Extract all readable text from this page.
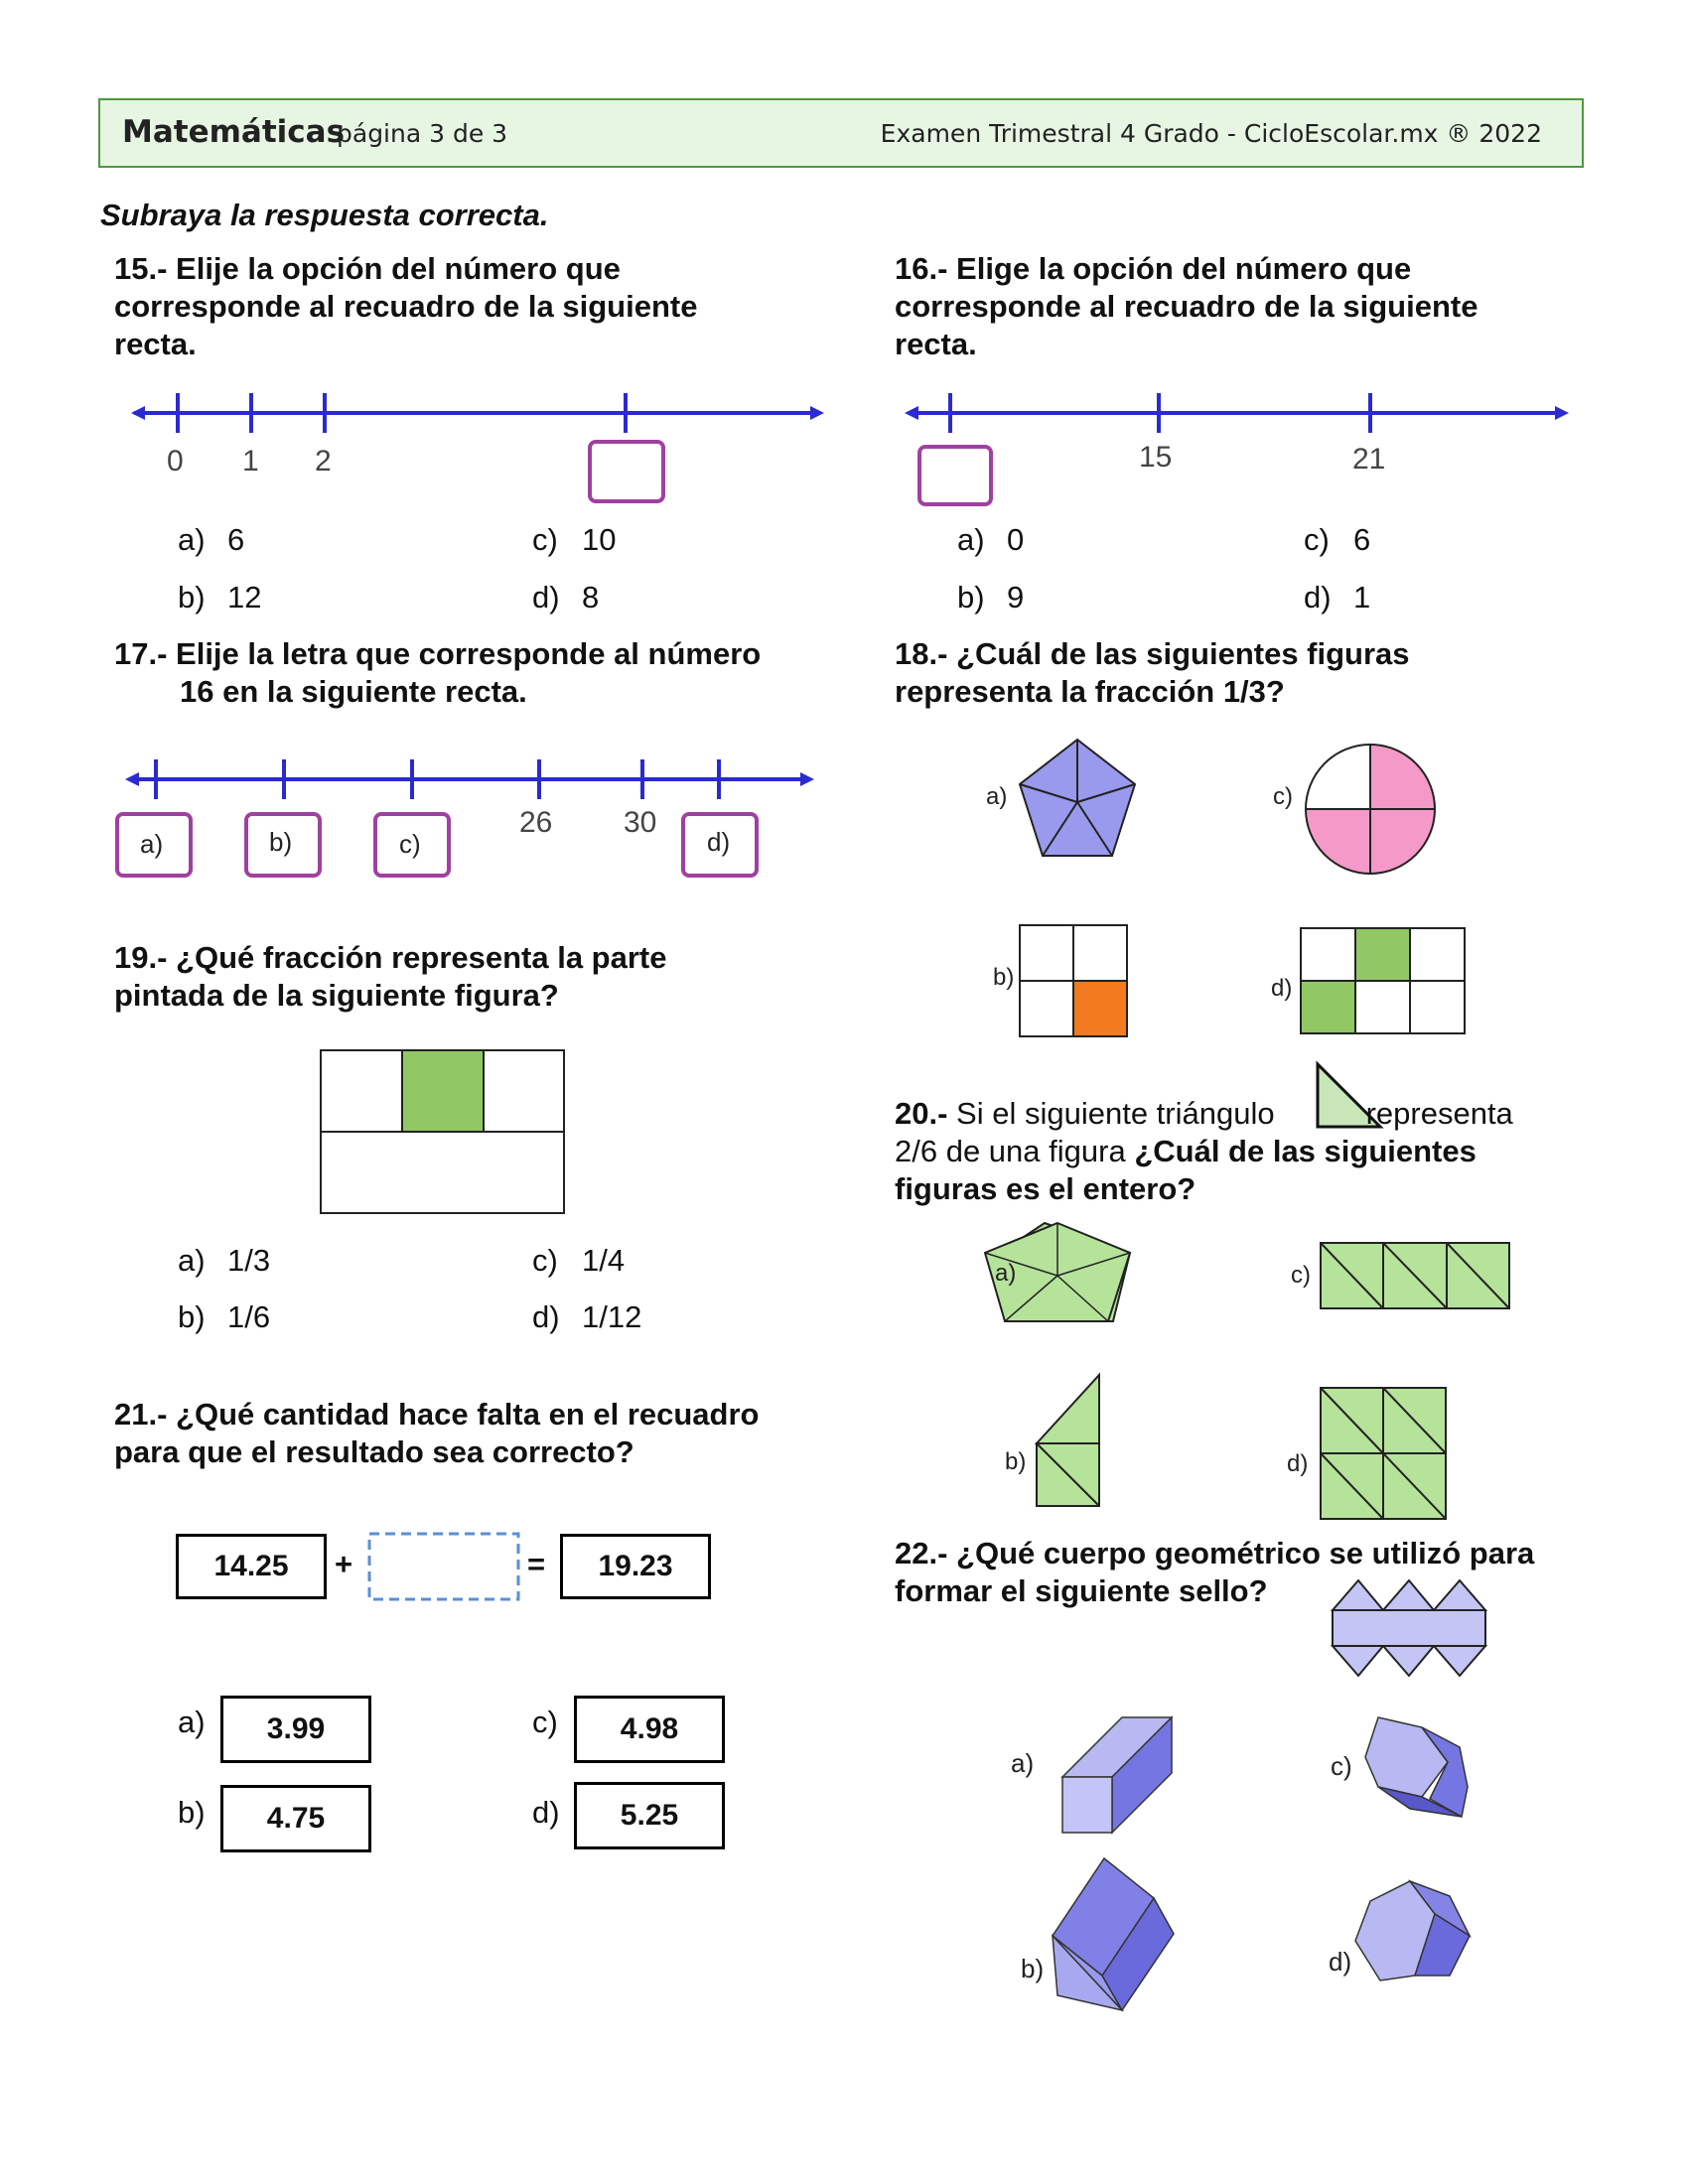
Matemáticas
página 3 de 3	Examen Trimestral 4 Grado - CicloEscolar.mx ® 2022
Subraya la respuesta correcta.
15.- Elije la opción del número que
corresponde al recuadro de la siguiente
recta.
0 1 2	15	21
26 30
a)	b)	c)	d)
a)	c)
b)	d)
a)	c)
b)	d)
a)	c)
b)	d)
a) 6
b) 12
c) 10
d) 8
16.- Elige la opción del número que
corresponde al recuadro de la siguiente
recta.
a) 0
b) 9
c) 6
d) 1
17.- Elije la letra que corresponde al número
16 en la siguiente recta.
18.- ¿Cuál de las siguientes figuras
representa la fracción 1/3?
19.- ¿Qué fracción representa la parte
pintada de la siguiente figura?
a) 1/3
b) 1/6
c) 1/4
d) 1/12
20.- Si el siguiente triángulo	representa
2/6 de una figura ¿Cuál de las siguientes
figuras es el entero?
21.- ¿Qué cantidad hace falta en el recuadro
para que el resultado sea correcto?
14.25	+	=	19.23
a)	3.99
b)	4.75
c)	4.98
d)	5.25
22.- ¿Qué cuerpo geométrico se utilizó para
formar el siguiente sello?
